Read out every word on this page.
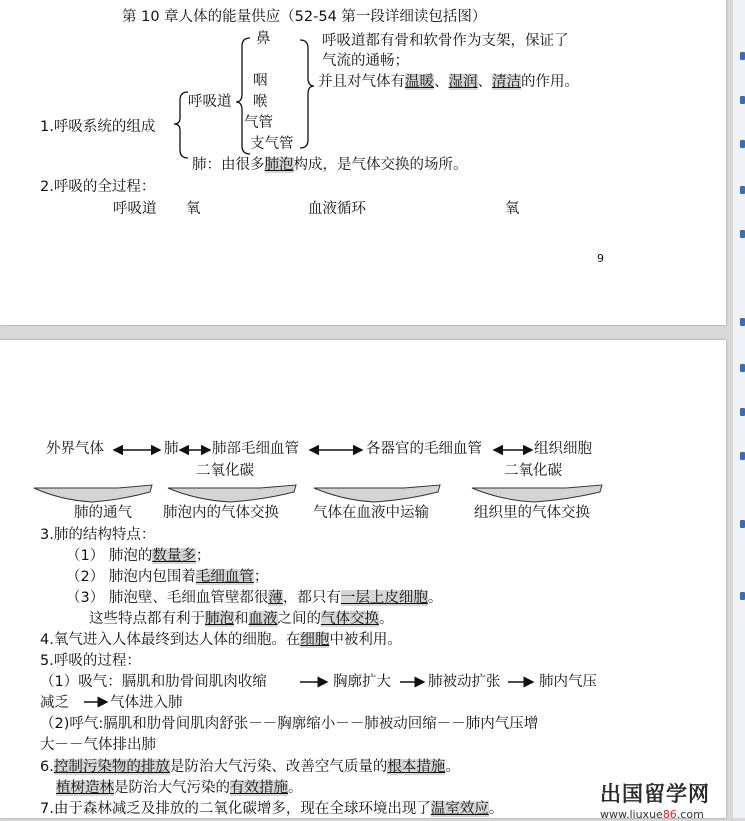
第 10 章人体的能量供应（52-54 第一段详细读包括图）
1.呼吸系统的组成
呼吸道
鼻
咽
喉
气管
支气管
呼吸道都有骨和软骨作为支架，保证了
气流的通畅；
并且对气体有温暖、湿润、清洁的作用。
肺：由很多肺泡构成，是气体交换的场所。
2.呼吸的全过程：
呼吸道 氧	血液循环	氧
9
外界气体	肺 肺部毛细血管	各器官的毛细血管	组织细胞
二氧化碳	二氧化碳
肺的通气 肺泡内的气体交换 气体在血液中运输	组织里的气体交换
3.肺的结构特点：
（1） 肺泡的数量多；
（2） 肺泡内包围着毛细血管；
（3） 肺泡壁、毛细血管壁都很薄，都只有一层上皮细胞。
这些特点都有利于肺泡和血液之间的气体交换。
4.氧气进入人体最终到达人体的细胞。在细胞中被利用。
5.呼吸的过程：
（1）吸气：膈肌和肋骨间肌肉收缩	胸廓扩大	肺被动扩张	肺内气压
减乏	气体进入肺
（2)呼气:膈肌和肋骨间肌肉舒张－－胸廓缩小－－肺被动回缩－－肺内气压增
大－－气体排出肺
6.控制污染物的排放是防治大气污染、改善空气质量的根本措施。
植树造林是防治大气污染的有效措施。
7.由于森林减乏及排放的二氧化碳增多，现在全球环境出现了温室效应。
出国留学网
www.liuxue86.com
